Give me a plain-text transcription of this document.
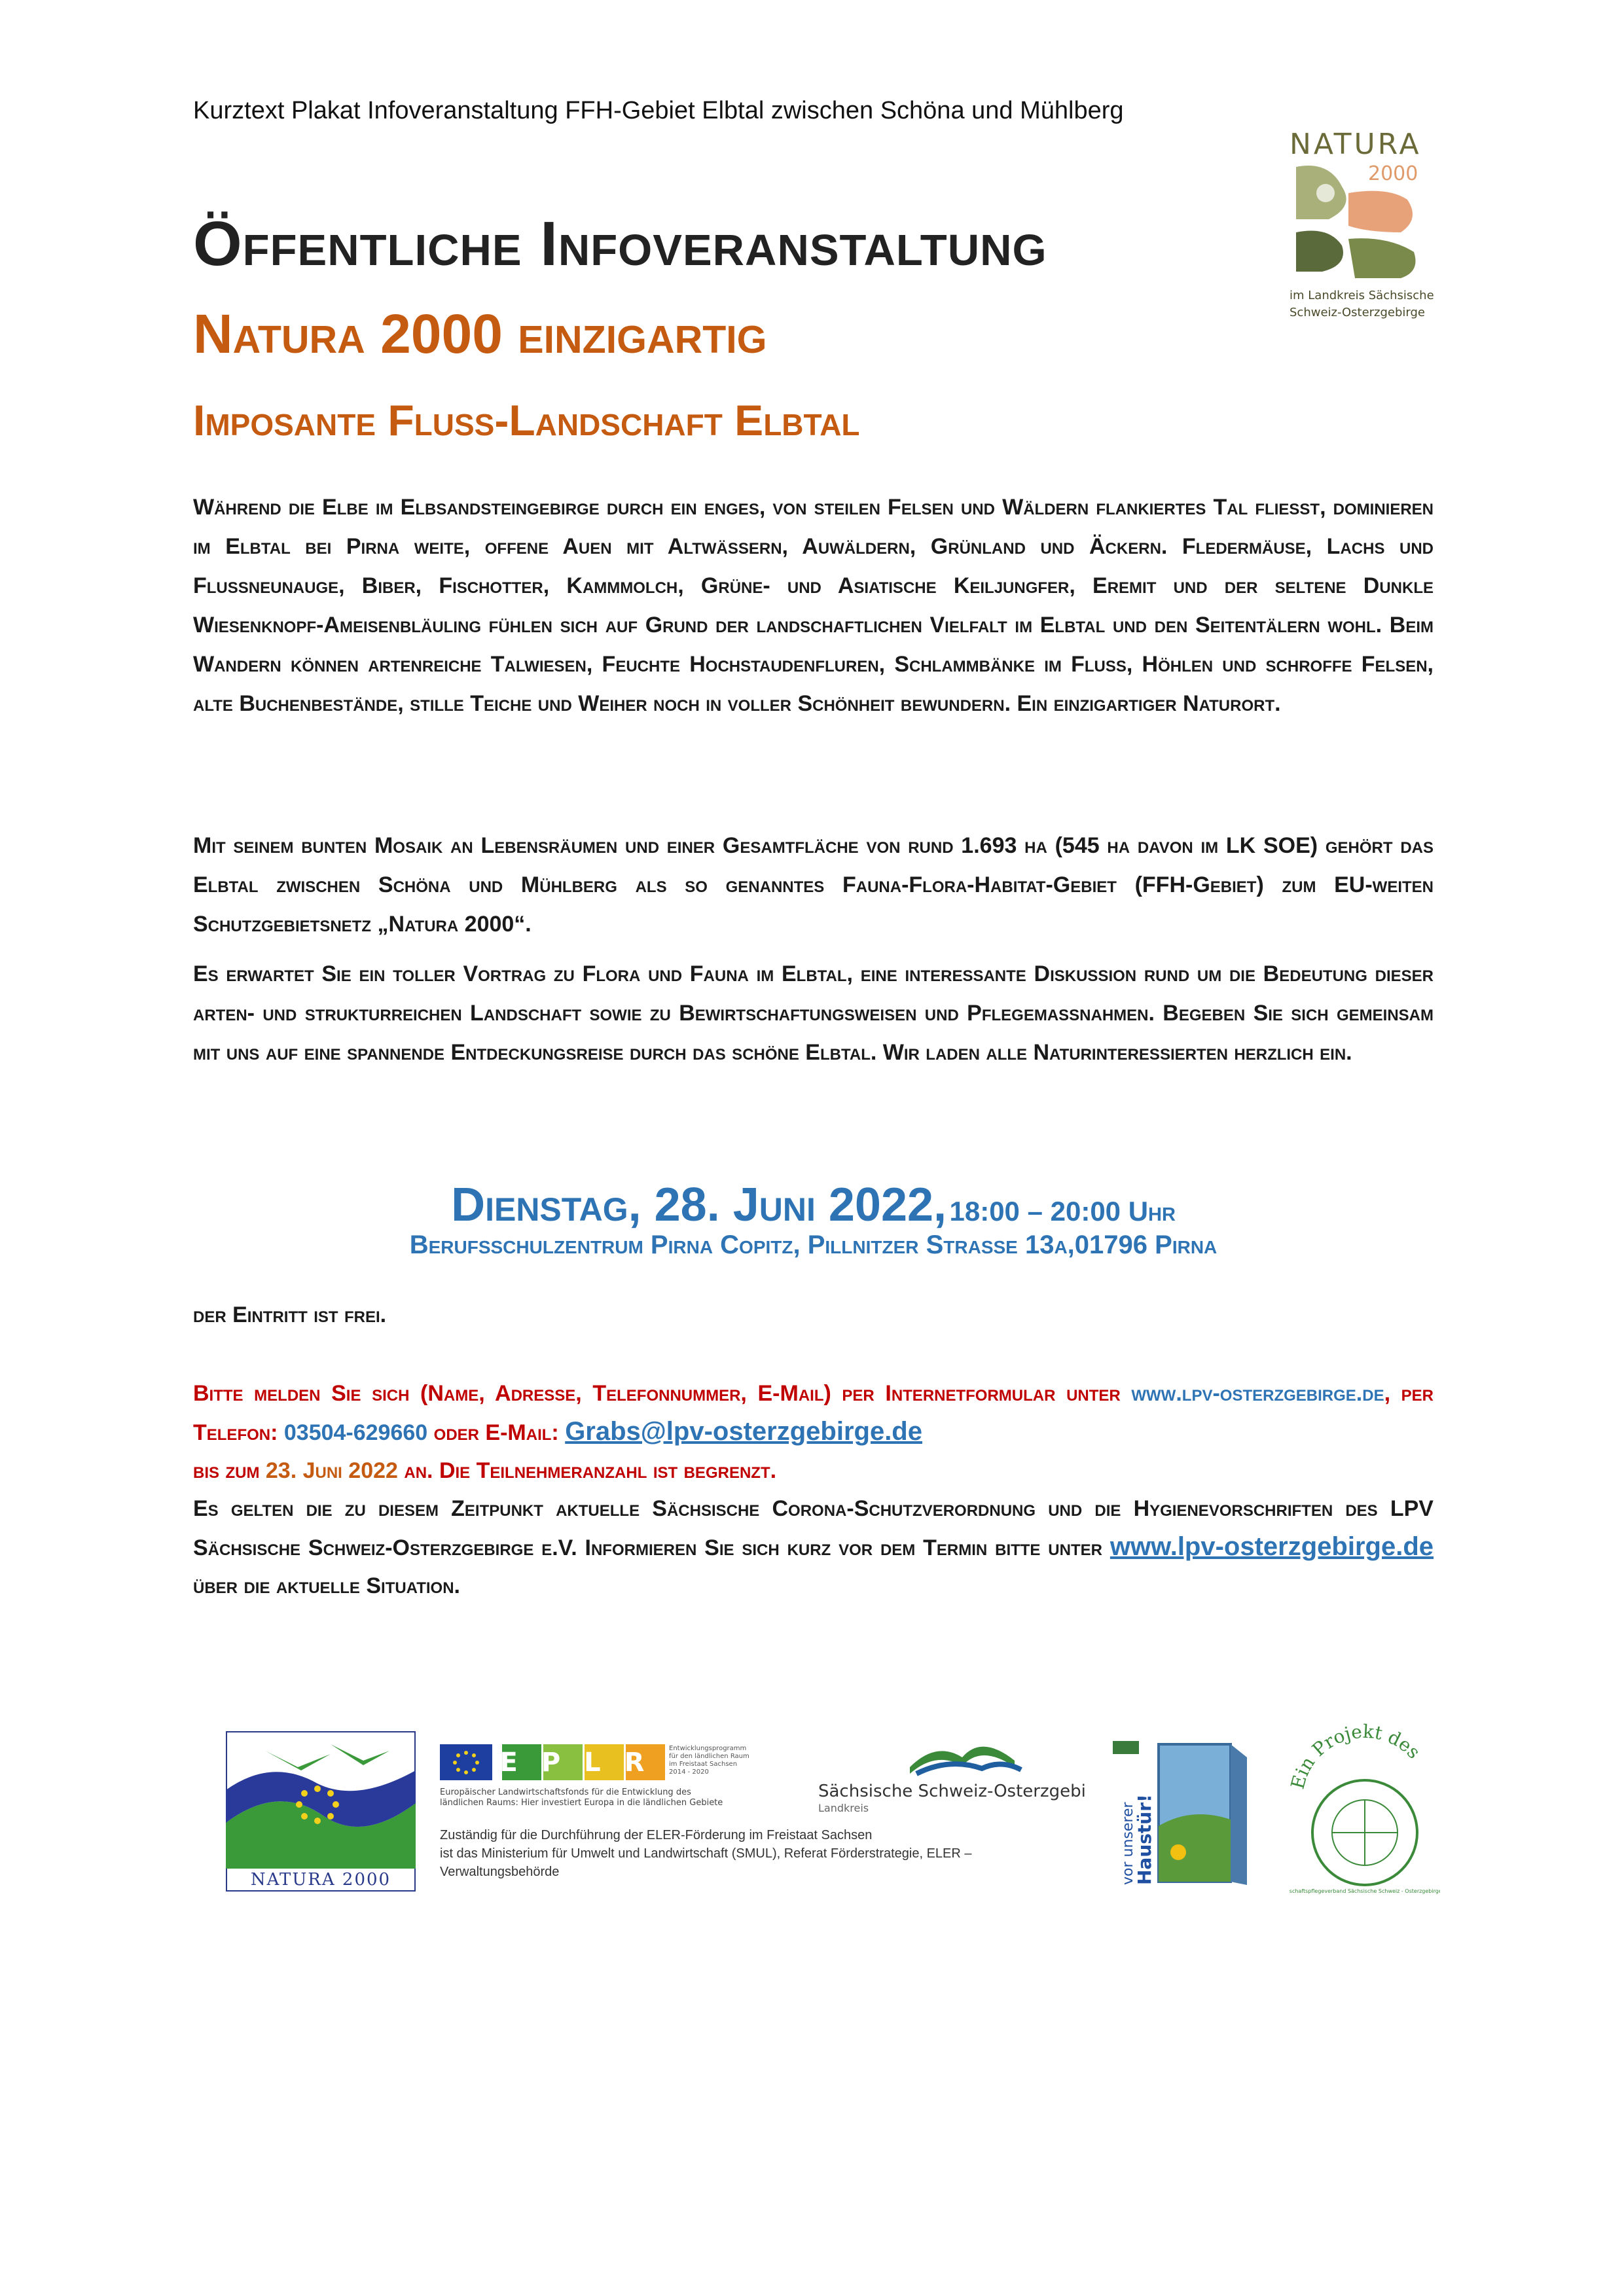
Kurztext Plakat Infoveranstaltung FFH-Gebiet Elbtal zwischen Schöna und Mühlberg
Öffentliche Infoveranstaltung
Natura 2000 einzigartig
Imposante Fluss-Landschaft Elbtal
NATURA
2000
im Landkreis Sächsische
Schweiz-Osterzgebirge
Während die Elbe im Elbsandsteingebirge durch ein enges, von steilen Felsen und Wäldern flankiertes Tal fließt, dominieren im Elbtal bei Pirna weite, offene Auen mit Altwässern, Auwäldern, Grünland und Äckern. Fledermäuse, Lachs und Flussneunauge, Biber, Fischotter, Kammmolch, Grüne- und Asiatische Keiljungfer, Eremit und der seltene Dunkle Wiesenknopf-Ameisenbläuling fühlen sich auf Grund der landschaftlichen Vielfalt im Elbtal und den Seitentälern wohl. Beim Wandern können artenreiche Talwiesen, Feuchte Hochstaudenfluren, Schlammbänke im Fluss, Höhlen und schroffe Felsen, alte Buchenbestände, stille Teiche und Weiher noch in voller Schönheit bewundern. Ein einzigartiger Naturort.
Mit seinem bunten Mosaik an Lebensräumen und einer Gesamtfläche von rund 1.693 ha (545 ha davon im LK SOE) gehört das Elbtal zwischen Schöna und Mühlberg als so genanntes Fauna-Flora-Habitat-Gebiet (FFH-Gebiet) zum EU-weiten Schutzgebietsnetz „Natura 2000“.
Es erwartet Sie ein toller Vortrag zu Flora und Fauna im Elbtal, eine interessante Diskussion rund um die Bedeutung dieser arten- und strukturreichen Landschaft sowie zu Bewirtschaftungsweisen und Pflegemaßnahmen. Begeben Sie sich gemeinsam mit uns auf eine spannende Entdeckungsreise durch das schöne Elbtal. Wir laden alle Naturinteressierten herzlich ein.
Dienstag, 28. Juni 2022, 18:00 – 20:00 Uhr
Berufsschulzentrum Pirna Copitz, Pillnitzer Straße 13a,01796 Pirna
der Eintritt ist frei.
Bitte melden Sie sich (Name, Adresse, Telefonnummer, E-Mail) per Internetformular unter www.lpv-osterzgebirge.de, per Telefon: 03504-629660 oder E-Mail: Grabs@lpv-osterzgebirge.de
bis zum 23. Juni 2022 an. Die Teilnehmeranzahl ist begrenzt.
Es gelten die zu diesem Zeitpunkt aktuelle Sächsische Corona-Schutzverordnung und die Hygienevorschriften des LPV Sächsische Schweiz-Osterzgebirge e.V. Informieren Sie sich kurz vor dem Termin bitte unter www.lpv-osterzgebirge.de über die aktuelle Situation.
NATURA 2000
EPLR Entwicklungsprogramm
für den ländlichen Raum
im Freistaat Sachsen
2014 - 2020
Europäischer Landwirtschaftsfonds für die Entwicklung des
ländlichen Raums: Hier investiert Europa in die ländlichen Gebiete
Sächsische Schweiz-Osterzgebirge
Landkreis
Zuständig für die Durchführung der ELER-Förderung im Freistaat Sachsen
ist das Ministerium für Umwelt und Landwirtschaft (SMUL), Referat Förderstrategie, ELER –
Verwaltungsbehörde	vor unserer
Haustür!
in Projekt des
schaftspflegeverband Sächsische Schweiz - Osterzgebirge
